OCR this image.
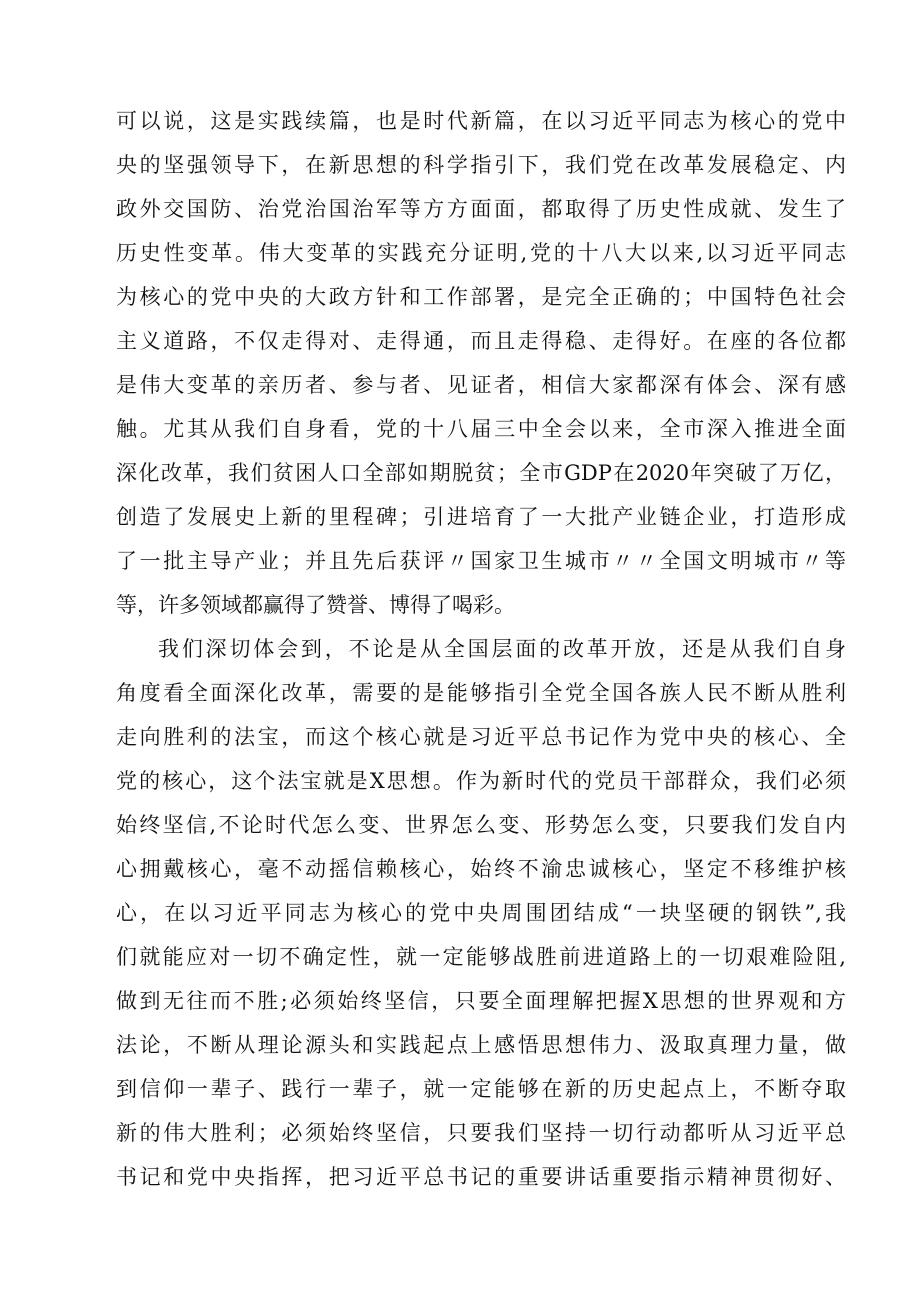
可以说，这是实践续篇，也是时代新篇，在以习近平同志为核心的党中
央的坚强领导下，在新思想的科学指引下，我们党在改革发展稳定、内
政外交国防、治党治国治军等方方面面，都取得了历史性成就、发生了
历史性变革。伟大变革的实践充分证明,党的十八大以来,以习近平同志
为核心的党中央的大政方针和工作部署，是完全正确的；中国特色社会
主义道路，不仅走得对、走得通，而且走得稳、走得好。在座的各位都
是伟大变革的亲历者、参与者、见证者，相信大家都深有体会、深有感
触。尤其从我们自身看，党的十八届三中全会以来，全市深入推进全面
深化改革，我们贫困人口全部如期脱贫；全市GDP在2020年突破了万亿，
创造了发展史上新的里程碑；引进培育了一大批产业链企业，打造形成
了一批主导产业；并且先后获评〃国家卫生城市〃〃全国文明城市〃等
等，许多领域都赢得了赞誉、博得了喝彩。
我们深切体会到，不论是从全国层面的改革开放，还是从我们自身
角度看全面深化改革，需要的是能够指引全党全国各族人民不断从胜利
走向胜利的法宝，而这个核心就是习近平总书记作为党中央的核心、全
党的核心，这个法宝就是X思想。作为新时代的党员干部群众，我们必须
始终坚信,不论时代怎么变、世界怎么变、形势怎么变，只要我们发自内
心拥戴核心，毫不动摇信赖核心，始终不渝忠诚核心，坚定不移维护核
心，在以习近平同志为核心的党中央周围团结成“一块坚硬的钢铁”,我
们就能应对一切不确定性，就一定能够战胜前进道路上的一切艰难险阻,
做到无往而不胜;必须始终坚信，只要全面理解把握X思想的世界观和方
法论，不断从理论源头和实践起点上感悟思想伟力、汲取真理力量，做
到信仰一辈子、践行一辈子，就一定能够在新的历史起点上，不断夺取
新的伟大胜利；必须始终坚信，只要我们坚持一切行动都听从习近平总
书记和党中央指挥，把习近平总书记的重要讲话重要指示精神贯彻好、
